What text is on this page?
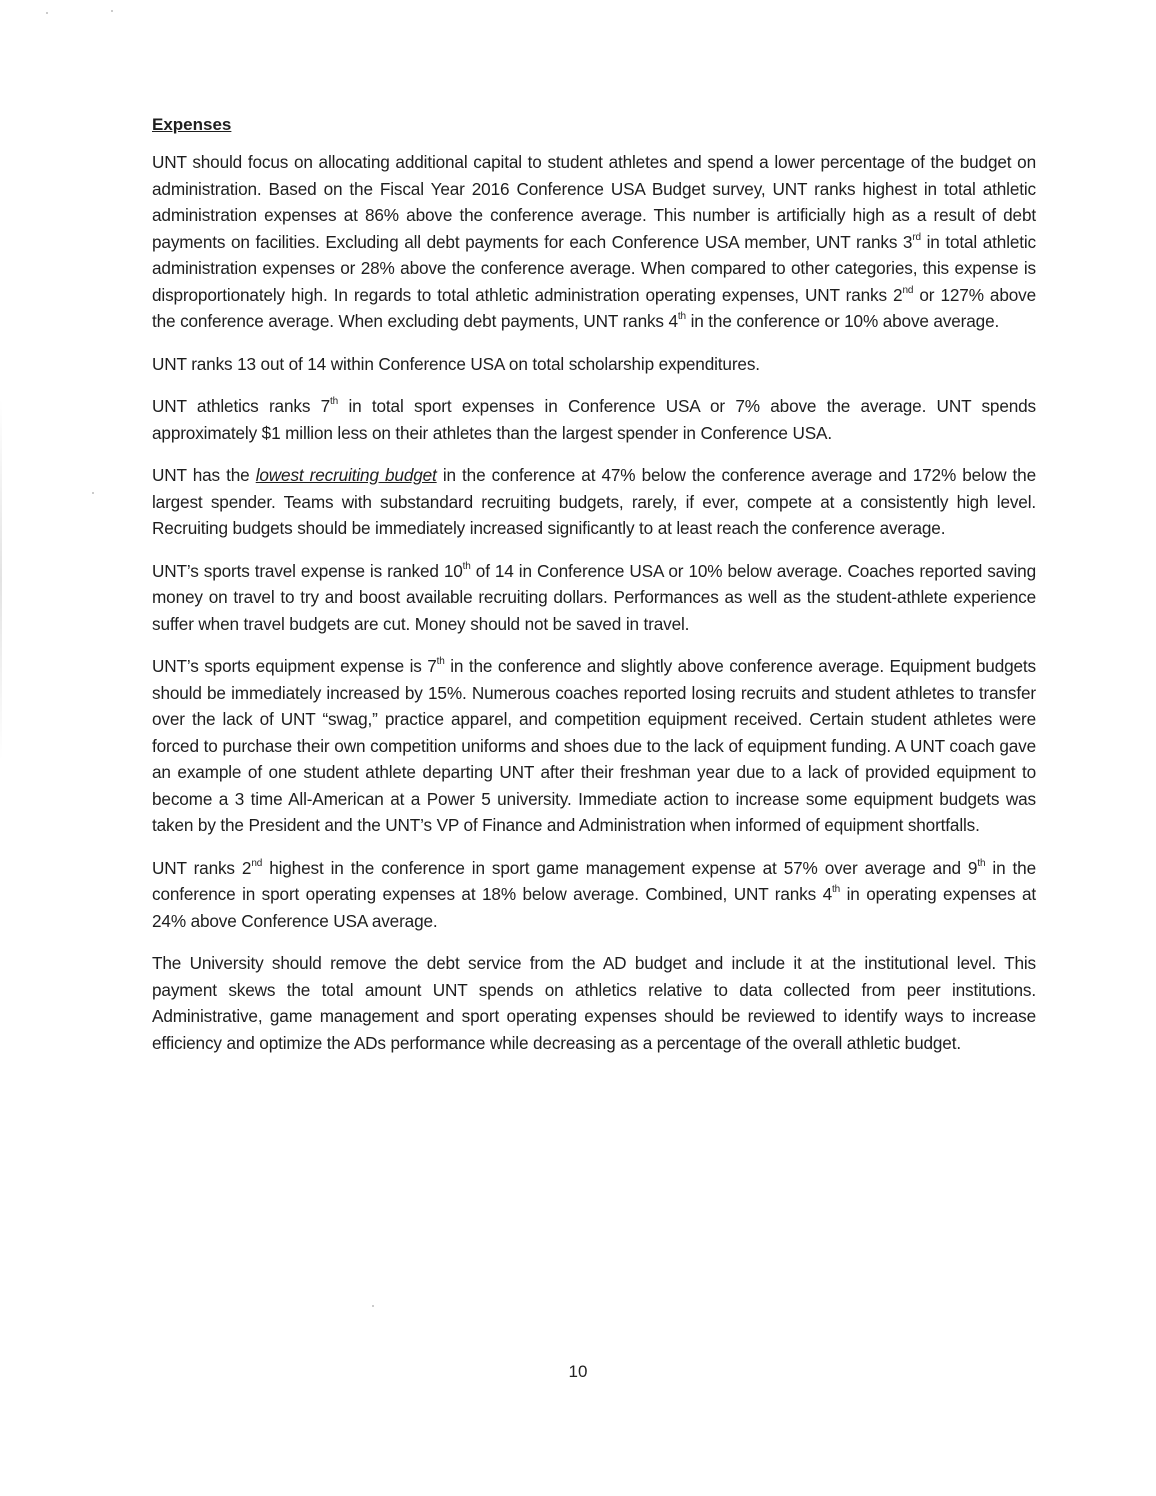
Expenses

UNT should focus on allocating additional capital to student athletes and spend a lower percentage of the budget on administration. Based on the Fiscal Year 2016 Conference USA Budget survey, UNT ranks highest in total athletic administration expenses at 86% above the conference average. This number is artificially high as a result of debt payments on facilities. Excluding all debt payments for each Conference USA member, UNT ranks 3rd in total athletic administration expenses or 28% above the conference average. When compared to other categories, this expense is disproportionately high. In regards to total athletic administration operating expenses, UNT ranks 2nd or 127% above the conference average. When excluding debt payments, UNT ranks 4th in the conference or 10% above average.

UNT ranks 13 out of 14 within Conference USA on total scholarship expenditures.

UNT athletics ranks 7th in total sport expenses in Conference USA or 7% above the average. UNT spends approximately $1 million less on their athletes than the largest spender in Conference USA.

UNT has the lowest recruiting budget in the conference at 47% below the conference average and 172% below the largest spender. Teams with substandard recruiting budgets, rarely, if ever, compete at a consistently high level. Recruiting budgets should be immediately increased significantly to at least reach the conference average.

UNT’s sports travel expense is ranked 10th of 14 in Conference USA or 10% below average. Coaches reported saving money on travel to try and boost available recruiting dollars. Performances as well as the student-athlete experience suffer when travel budgets are cut. Money should not be saved in travel.

UNT’s sports equipment expense is 7th in the conference and slightly above conference average. Equipment budgets should be immediately increased by 15%. Numerous coaches reported losing recruits and student athletes to transfer over the lack of UNT “swag,” practice apparel, and competition equipment received. Certain student athletes were forced to purchase their own competition uniforms and shoes due to the lack of equipment funding. A UNT coach gave an example of one student athlete departing UNT after their freshman year due to a lack of provided equipment to become a 3 time All-American at a Power 5 university. Immediate action to increase some equipment budgets was taken by the President and the UNT’s VP of Finance and Administration when informed of equipment shortfalls.

UNT ranks 2nd highest in the conference in sport game management expense at 57% over average and 9th in the conference in sport operating expenses at 18% below average. Combined, UNT ranks 4th in operating expenses at 24% above Conference USA average.

The University should remove the debt service from the AD budget and include it at the institutional level. This payment skews the total amount UNT spends on athletics relative to data collected from peer institutions. Administrative, game management and sport operating expenses should be reviewed to identify ways to increase efficiency and optimize the ADs performance while decreasing as a percentage of the overall athletic budget.

10
